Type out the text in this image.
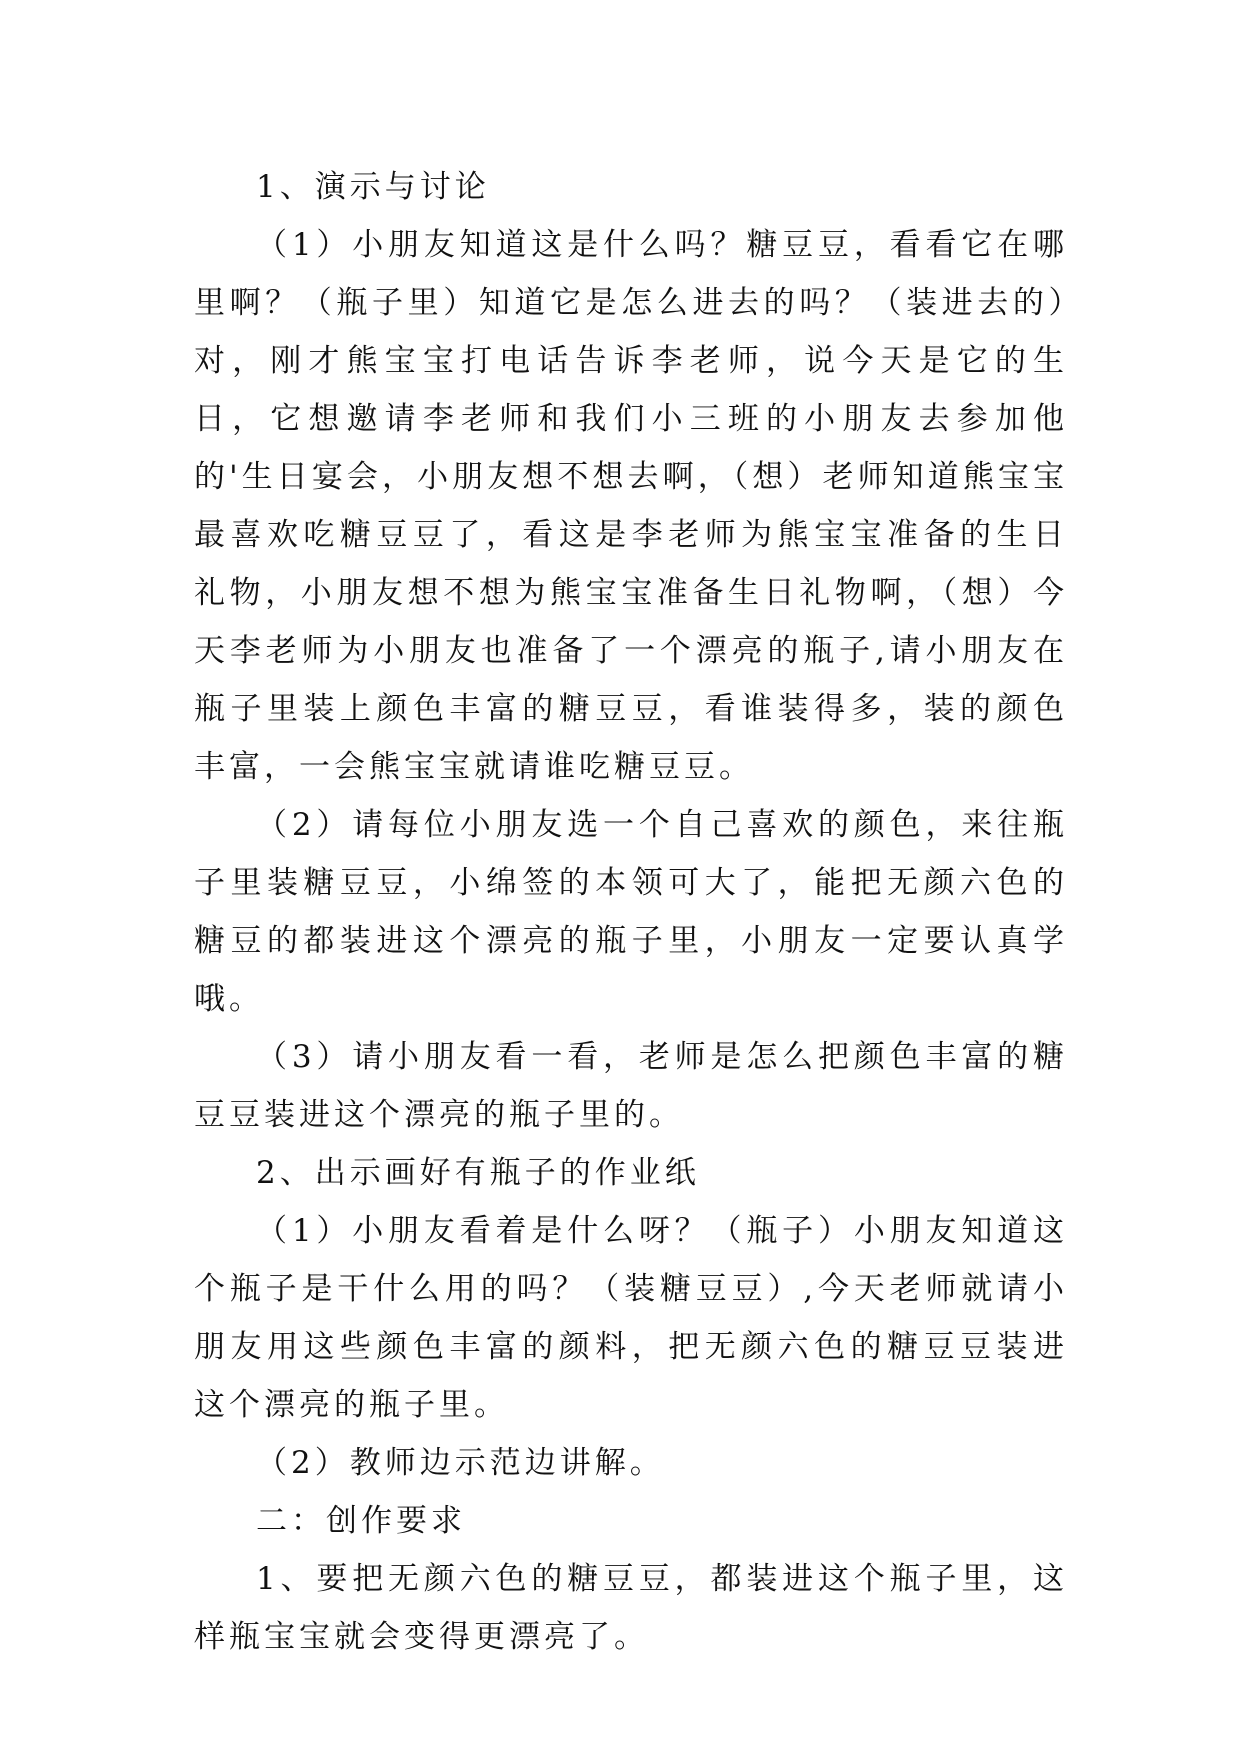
1、演示与讨论

（1）小朋友知道这是什么吗？糖豆豆，看看它在哪里啊？（瓶子里）知道它是怎么进去的吗？（装进去的）对，刚才熊宝宝打电话告诉李老师，说今天是它的生日，它想邀请李老师和我们小三班的小朋友去参加他的'生日宴会，小朋友想不想去啊，（想）老师知道熊宝宝最喜欢吃糖豆豆了，看这是李老师为熊宝宝准备的生日礼物，小朋友想不想为熊宝宝准备生日礼物啊，（想）今天李老师为小朋友也准备了一个漂亮的瓶子,请小朋友在瓶子里装上颜色丰富的糖豆豆，看谁装得多，装的颜色丰富，一会熊宝宝就请谁吃糖豆豆。

（2）请每位小朋友选一个自己喜欢的颜色，来往瓶子里装糖豆豆，小绵签的本领可大了，能把无颜六色的糖豆的都装进这个漂亮的瓶子里，小朋友一定要认真学哦。

（3）请小朋友看一看，老师是怎么把颜色丰富的糖豆豆装进这个漂亮的瓶子里的。

2、出示画好有瓶子的作业纸

（1）小朋友看着是什么呀？（瓶子）小朋友知道这个瓶子是干什么用的吗？（装糖豆豆）,今天老师就请小朋友用这些颜色丰富的颜料，把无颜六色的糖豆豆装进这个漂亮的瓶子里。

（2）教师边示范边讲解。

二：创作要求

1、要把无颜六色的糖豆豆，都装进这个瓶子里，这样瓶宝宝就会变得更漂亮了。
